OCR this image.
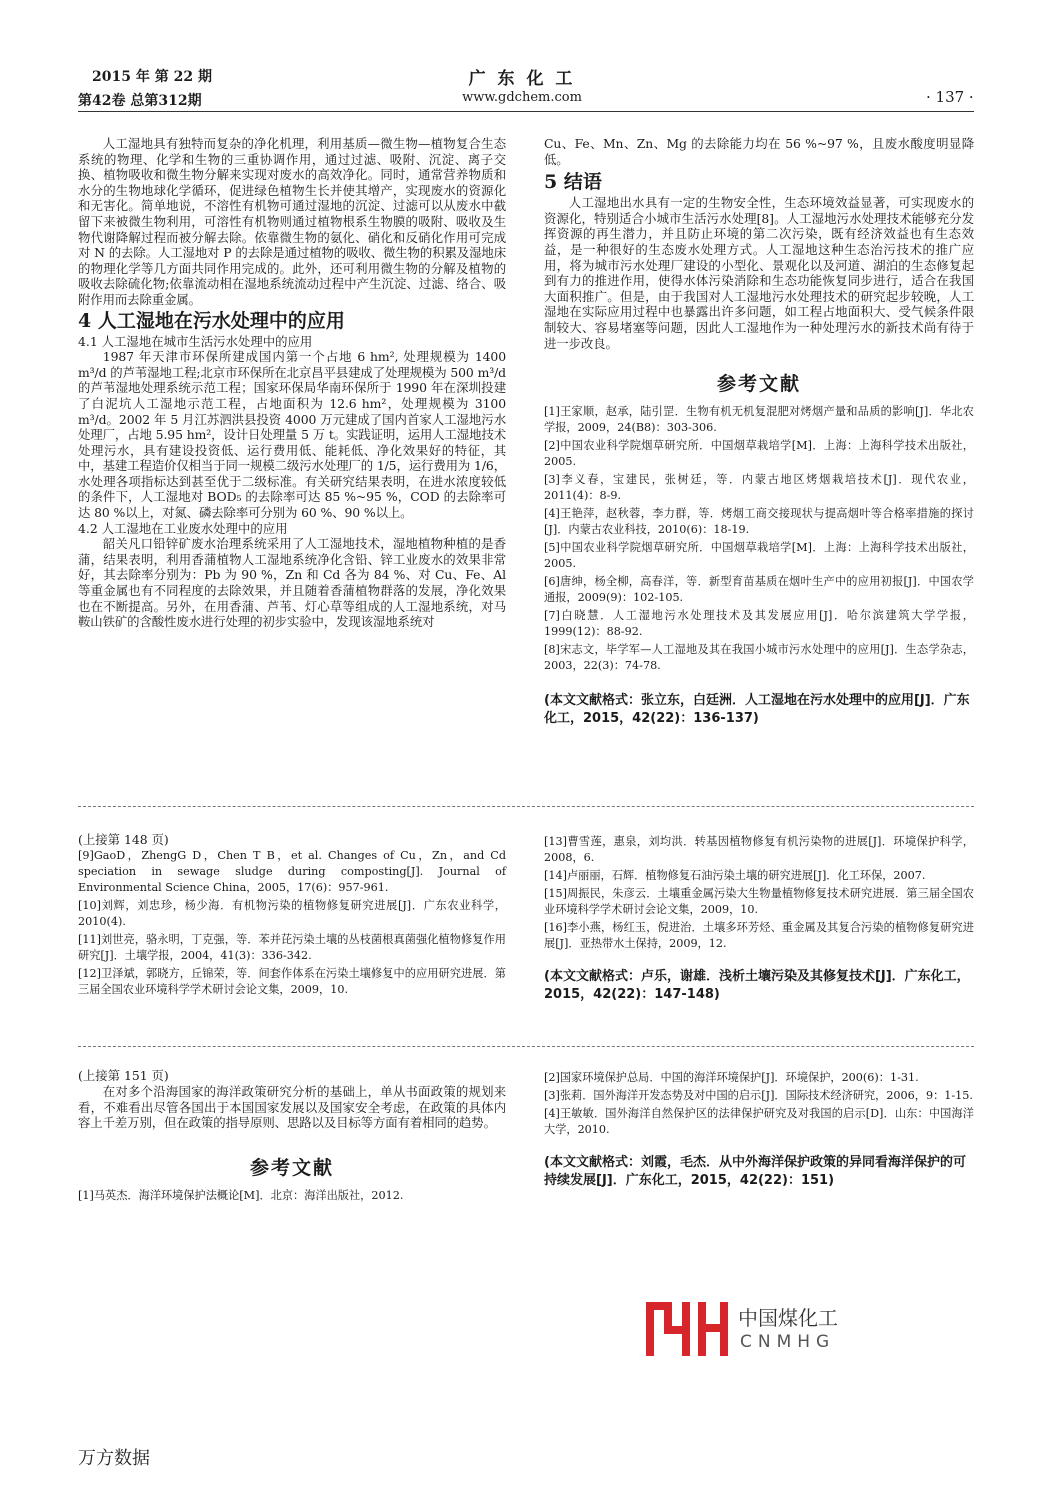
2015 年 第 22 期
第42卷 总第312期
广 东 化 工
www.gdchem.com	· 137 ·

人工湿地具有独特而复杂的净化机理，利用基质—微生物—植物复合生态系统的物理、化学和生物的三重协调作用，通过过滤、吸附、沉淀、离子交换、植物吸收和微生物分解来实现对废水的高效净化。同时，通常营养物质和水分的生物地球化学循环，促进绿色植物生长并使其增产，实现废水的资源化和无害化。简单地说，不溶性有机物可通过湿地的沉淀、过滤可以从废水中截留下来被微生物利用，可溶性有机物则通过植物根系生物膜的吸附、吸收及生物代谢降解过程而被分解去除。依靠微生物的氨化、硝化和反硝化作用可完成对 N 的去除。人工湿地对 P 的去除是通过植物的吸收、微生物的积累及湿地床的物理化学等几方面共同作用完成的。此外，还可利用微生物的分解及植物的吸收去除硫化物;依靠流动相在湿地系统流动过程中产生沉淀、过滤、络合、吸附作用而去除重金属。

4 人工湿地在污水处理中的应用

4.1 人工湿地在城市生活污水处理中的应用

1987 年天津市环保所建成国内第一个占地 6 hm², 处理规模为 1400 m³/d 的芦苇湿地工程;北京市环保所在北京昌平县建成了处理规模为 500 m³/d 的芦苇湿地处理系统示范工程；国家环保局华南环保所于 1990 年在深圳投建了白泥坑人工湿地示范工程，占地面积为 12.6 hm²，处理规模为 3100 m³/d。2002 年 5 月江苏泗洪县投资 4000 万元建成了国内首家人工湿地污水处理厂，占地 5.95 hm²，设计日处理量 5 万 t。实践证明，运用人工湿地技术处理污水，具有建设投资低、运行费用低、能耗低、净化效果好的特征，其中，基建工程造价仅相当于同一规模二级污水处理厂的 1/5，运行费用为 1/6，水处理各项指标达到甚至优于二级标准。有关研究结果表明，在进水浓度较低的条件下，人工湿地对 BOD₅ 的去除率可达 85 %~95 %，COD 的去除率可达 80 %以上，对氮、磷去除率可分别为 60 %、90 %以上。

4.2 人工湿地在工业废水处理中的应用

韶关凡口铅锌矿废水治理系统采用了人工湿地技术，湿地植物种植的是香蒲，结果表明，利用香蒲植物人工湿地系统净化含铅、锌工业废水的效果非常好，其去除率分别为：Pb 为 90 %，Zn 和 Cd 各为 84 %、对 Cu、Fe、Al 等重金属也有不同程度的去除效果，并且随着香蒲植物群落的发展，净化效果也在不断提高。另外，在用香蒲、芦苇、灯心草等组成的人工湿地系统，对马鞍山铁矿的含酸性废水进行处理的初步实验中，发现该湿地系统对

Cu、Fe、Mn、Zn、Mg 的去除能力均在 56 %~97 %，且废水酸度明显降低。

5 结语

人工湿地出水具有一定的生物安全性，生态环境效益显著，可实现废水的资源化，特别适合小城市生活污水处理[8]。人工湿地污水处理技术能够充分发挥资源的再生潜力，并且防止环境的第二次污染，既有经济效益也有生态效益，是一种很好的生态废水处理方式。人工湿地这种生态治污技术的推广应用，将为城市污水处理厂建设的小型化、景观化以及河道、湖泊的生态修复起到有力的推进作用，使得水体污染消除和生态功能恢复同步进行，适合在我国大面积推广。但是，由于我国对人工湿地污水处理技术的研究起步较晚，人工湿地在实际应用过程中也暴露出许多问题，如工程占地面积大、受气候条件限制较大、容易堵塞等问题，因此人工湿地作为一种处理污水的新技术尚有待于进一步改良。

参考文献

[1]王家顺，赵承，陆引罡．生物有机无机复混肥对烤烟产量和品质的影响[J]．华北农学报，2009，24(B8)：303-306.

[2]中国农业科学院烟草研究所．中国烟草栽培学[M]．上海：上海科学技术出版社，2005.

[3]李义春，宝建民，张树廷，等．内蒙古地区烤烟栽培技术[J]．现代农业，2011(4)：8-9.

[4]王艳萍，赵秋蓉，李力群，等．烤烟工商交接现状与提高烟叶等合格率措施的探讨[J]．内蒙古农业科技，2010(6)：18-19.

[5]中国农业科学院烟草研究所．中国烟草栽培学[M]．上海：上海科学技术出版社，2005.

[6]唐绅，杨全柳，高春洋，等．新型育苗基质在烟叶生产中的应用初报[J]．中国农学通报，2009(9)：102-105.

[7]白晓慧．人工湿地污水处理技术及其发展应用[J]．哈尔滨建筑大学学报，1999(12)：88-92.

[8]宋志文，毕学军—人工湿地及其在我国小城市污水处理中的应用[J]．生态学杂志，2003，22(3)：74-78.

(本文文献格式：张立东，白廷洲．人工湿地在污水处理中的应用[J]．广东化工，2015，42(22)：136-137)

(上接第 148 页)

[9]GaoD，ZhengG D，Chen T B，et al. Changes of Cu，Zn，and Cd speciation in sewage sludge during composting[J]. Journal of Environmental Science China，2005，17(6)：957-961.

[10]刘辉，刘忠珍，杨少海．有机物污染的植物修复研究进展[J]．广东农业科学，2010(4).

[11]刘世亮，骆永明，丁克强，等．苯并芘污染土壤的丛枝菌根真菌强化植物修复作用研究[J]．土壤学报，2004，41(3)：336-342.

[12]卫泽斌，郭晓方，丘锦荣，等．间套作体系在污染土壤修复中的应用研究进展．第三届全国农业环境科学学术研讨会论文集，2009，10.

[13]曹雪莲，惠泉，刘均洪．转基因植物修复有机污染物的进展[J]．环境保护科学，2008，6.

[14]卢丽丽，石辉．植物修复石油污染土壤的研究进展[J]．化工环保，2007.

[15]周振民，朱彦云．土壤重金属污染大生物量植物修复技术研究进展．第三届全国农业环境科学学术研讨会论文集，2009，10.

[16]李小燕，杨红玉，倪进治．土壤多环芳烃、重金属及其复合污染的植物修复研究进展[J]．亚热带水土保持，2009，12.

(本文文献格式：卢乐，谢雄．浅析土壤污染及其修复技术[J]．广东化工，2015，42(22)：147-148)

(上接第 151 页)

在对多个沿海国家的海洋政策研究分析的基础上，单从书面政策的规划来看，不难看出尽管各国出于本国国家发展以及国家安全考虑，在政策的具体内容上千差万别，但在政策的指导原则、思路以及目标等方面有着相同的趋势。

参考文献

[1]马英杰．海洋环境保护法概论[M]．北京：海洋出版社，2012.

[2]国家环境保护总局．中国的海洋环境保护[J]．环境保护，200(6)：1-31.

[3]张莉．国外海洋开发态势及对中国的启示[J]．国际技术经济研究，2006，9：1-15.

[4]王敏敏．国外海洋自然保护区的法律保护研究及对我国的启示[D]．山东：中国海洋大学，2010.

(本文文献格式：刘霞，毛杰．从中外海洋保护政策的异同看海洋保护的可持续发展[J]．广东化工，2015，42(22)：151)

中国煤化工
CNMHG
万方数据
